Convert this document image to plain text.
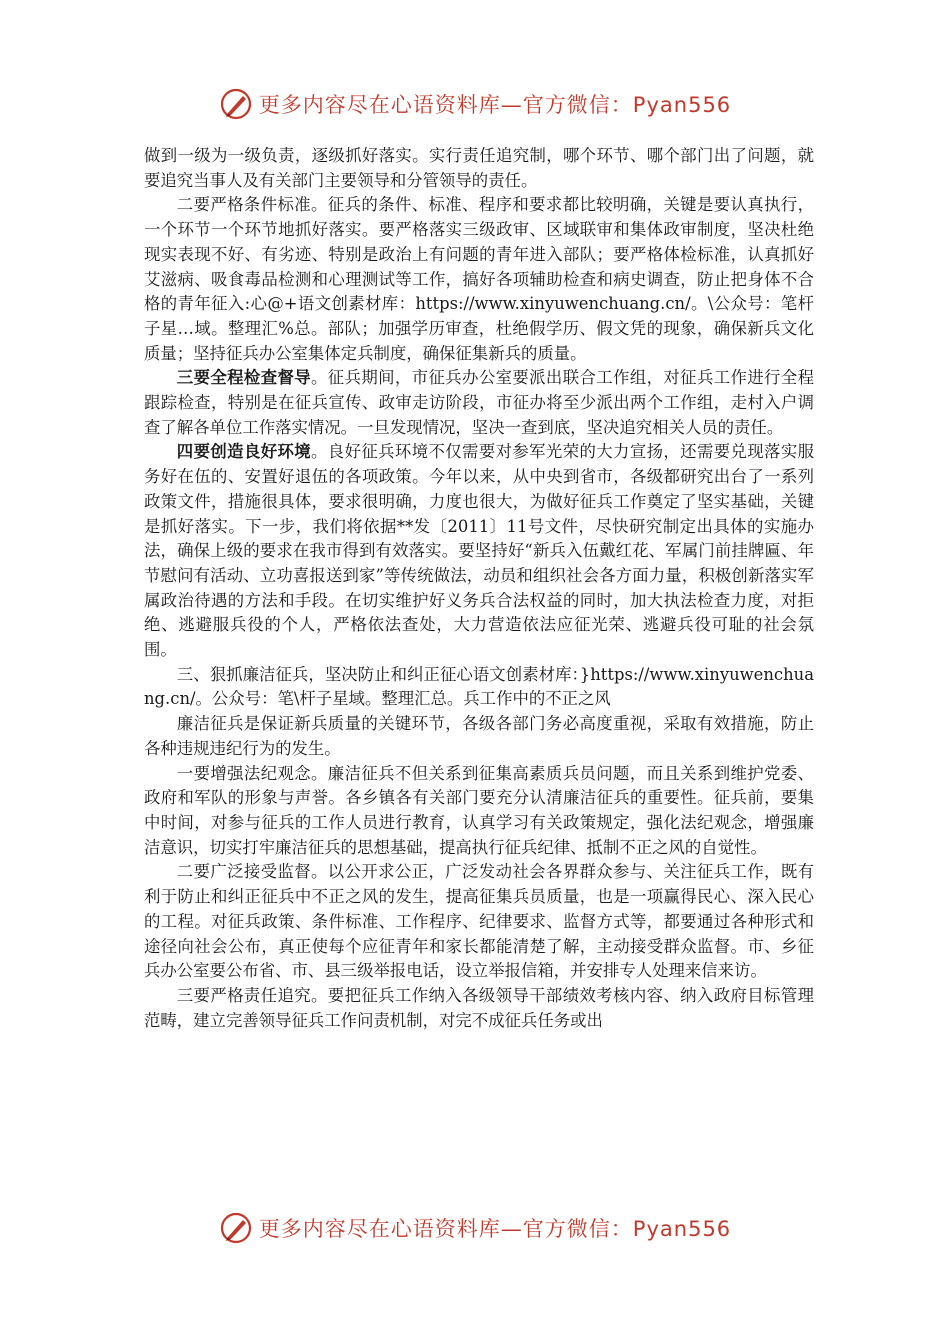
更多内容尽在心语资料库—官方微信：Pyan556

做到一级为一级负责，逐级抓好落实。实行责任追究制，哪个环节、哪个部门出了问题，就要追究当事人及有关部门主要领导和分管领导的责任。

二要严格条件标准。征兵的条件、标准、程序和要求都比较明确，关键是要认真执行，一个环节一个环节地抓好落实。要严格落实三级政审、区域联审和集体政审制度，坚决杜绝现实表现不好、有劣迹、特别是政治上有问题的青年进入部队；要严格体检标准，认真抓好艾滋病、吸食毒品检测和心理测试等工作，搞好各项辅助检查和病史调查，防止把身体不合格的青年征入:心@+语文创素材库：https://www.xinyuwenchuang.cn/。\公众号：笔杆子星…域。整理汇%总。部队；加强学历审查，杜绝假学历、假文凭的现象，确保新兵文化质量；坚持征兵办公室集体定兵制度，确保征集新兵的质量。

三要全程检查督导。征兵期间，市征兵办公室要派出联合工作组，对征兵工作进行全程跟踪检查，特别是在征兵宣传、政审走访阶段，市征办将至少派出两个工作组，走村入户调查了解各单位工作落实情况。一旦发现情况，坚决一查到底，坚决追究相关人员的责任。

四要创造良好环境。良好征兵环境不仅需要对参军光荣的大力宣扬，还需要兑现落实服务好在伍的、安置好退伍的各项政策。今年以来，从中央到省市，各级都研究出台了一系列政策文件，措施很具体，要求很明确，力度也很大，为做好征兵工作奠定了坚实基础，关键是抓好落实。下一步，我们将依据**发〔2011〕11号文件，尽快研究制定出具体的实施办法，确保上级的要求在我市得到有效落实。要坚持好“新兵入伍戴红花、军属门前挂牌匾、年节慰问有活动、立功喜报送到家”等传统做法，动员和组织社会各方面力量，积极创新落实军属政治待遇的方法和手段。在切实维护好义务兵合法权益的同时，加大执法检查力度，对拒绝、逃避服兵役的个人，严格依法查处，大力营造依法应征光荣、逃避兵役可耻的社会氛围。

三、狠抓廉洁征兵，坚决防止和纠正征心语文创素材库：}https://www.xinyuwenchuang.cn/。公众号：笔\杆子星域。整理汇总。兵工作中的不正之风

廉洁征兵是保证新兵质量的关键环节，各级各部门务必高度重视，采取有效措施，防止各种违规违纪行为的发生。

一要增强法纪观念。廉洁征兵不但关系到征集高素质兵员问题，而且关系到维护党委、政府和军队的形象与声誉。各乡镇各有关部门要充分认清廉洁征兵的重要性。征兵前，要集中时间，对参与征兵的工作人员进行教育，认真学习有关政策规定，强化法纪观念，增强廉洁意识，切实打牢廉洁征兵的思想基础，提高执行征兵纪律、抵制不正之风的自觉性。

二要广泛接受监督。以公开求公正，广泛发动社会各界群众参与、关注征兵工作，既有利于防止和纠正征兵中不正之风的发生，提高征集兵员质量，也是一项赢得民心、深入民心的工程。对征兵政策、条件标准、工作程序、纪律要求、监督方式等，都要通过各种形式和途径向社会公布，真正使每个应征青年和家长都能清楚了解，主动接受群众监督。市、乡征兵办公室要公布省、市、县三级举报电话，设立举报信箱，并安排专人处理来信来访。

三要严格责任追究。要把征兵工作纳入各级领导干部绩效考核内容、纳入政府目标管理范畴，建立完善领导征兵工作问责机制，对完不成征兵任务或出

更多内容尽在心语资料库—官方微信：Pyan556
